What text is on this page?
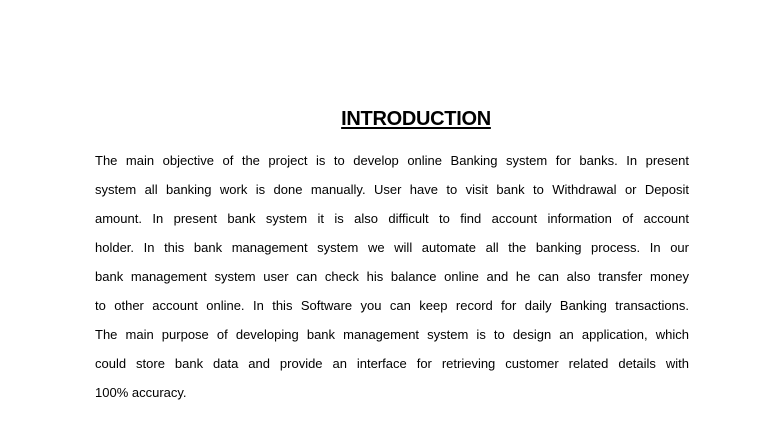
INTRODUCTION
The main objective of the project is to develop online Banking system for banks. In present
system all banking work is done manually. User have to visit bank to Withdrawal or Deposit
amount. In present bank system it is also difficult to find account information of account
holder. In this bank management system we will automate all the banking process. In our
bank management system user can check his balance online and he can also transfer money
to other account online. In this Software you can keep record for daily Banking transactions.
The main purpose of developing bank management system is to design an application, which
could store bank data and provide an interface for retrieving customer related details with
100% accuracy.
